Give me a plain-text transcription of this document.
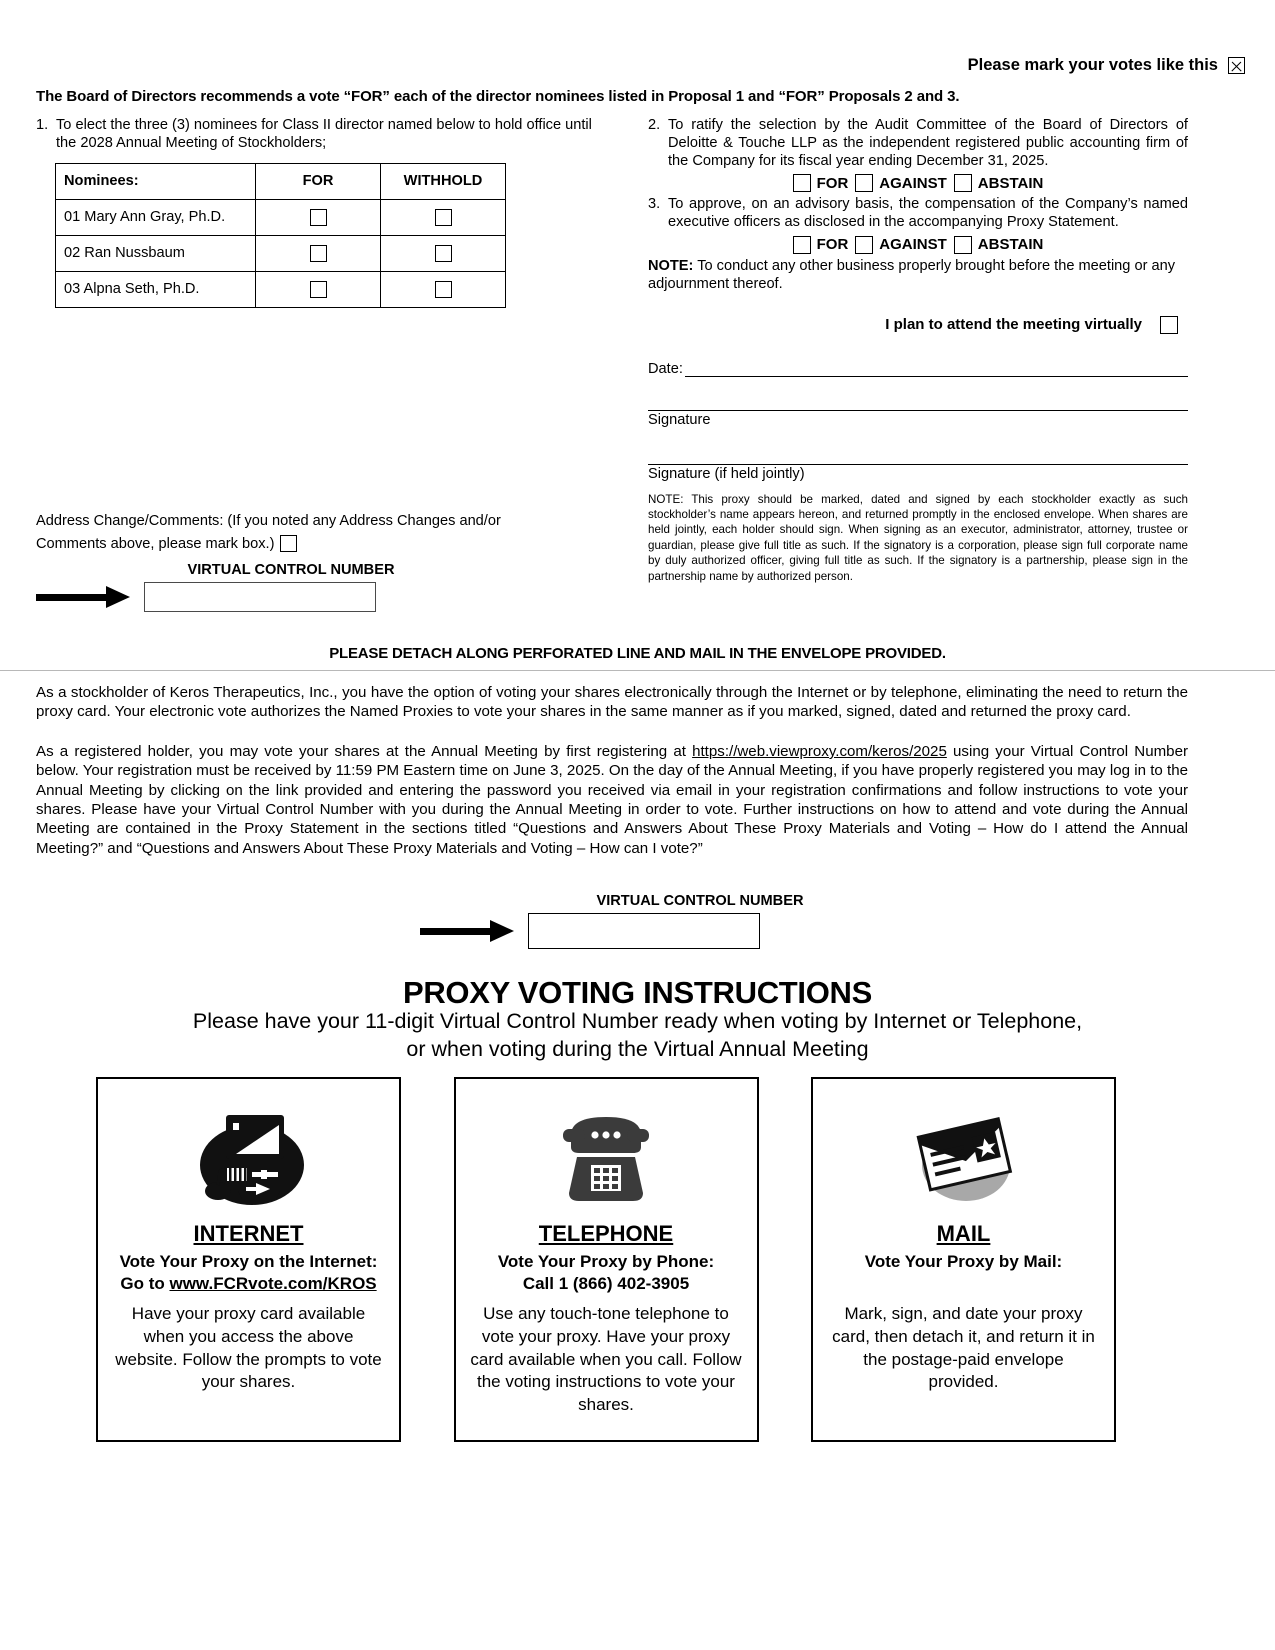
Please mark your votes like this
The Board of Directors recommends a vote “FOR” each of the director nominees listed in Proposal 1 and “FOR” Proposals 2 and 3.
1. To elect the three (3) nominees for Class II director named below to hold office until the 2028 Annual Meeting of Stockholders;
Nominees:	FOR	WITHHOLD
01 Mary Ann Gray, Ph.D.		
02 Ran Nussbaum		
03 Alpna Seth, Ph.D.		
2. To ratify the selection by the Audit Committee of the Board of Directors of Deloitte & Touche LLP as the independent registered public accounting firm of the Company for its fiscal year ending December 31, 2025.
FOR AGAINST ABSTAIN
3. To approve, on an advisory basis, the compensation of the Company’s named executive officers as disclosed in the accompanying Proxy Statement.
FOR AGAINST ABSTAIN
NOTE: To conduct any other business properly brought before the meeting or any adjournment thereof.
I plan to attend the meeting virtually
Date:
Signature
Signature (if held jointly)
NOTE: This proxy should be marked, dated and signed by each stockholder exactly as such stockholder’s name appears hereon, and returned promptly in the enclosed envelope. When shares are held jointly, each holder should sign. When signing as an executor, administrator, attorney, trustee or guardian, please give full title as such. If the signatory is a corporation, please sign full corporate name by duly authorized officer, giving full title as such. If the signatory is a partnership, please sign in the partnership name by authorized person.
Address Change/Comments: (If you noted any Address Changes and/or
Comments above, please mark box.)
VIRTUAL CONTROL NUMBER
PLEASE DETACH ALONG PERFORATED LINE AND MAIL IN THE ENVELOPE PROVIDED.
As a stockholder of Keros Therapeutics, Inc., you have the option of voting your shares electronically through the Internet or by telephone, eliminating the need to return the proxy card. Your electronic vote authorizes the Named Proxies to vote your shares in the same manner as if you marked, signed, dated and returned the proxy card.
As a registered holder, you may vote your shares at the Annual Meeting by first registering at https://web.viewproxy.com/keros/2025 using your Virtual Control Number below. Your registration must be received by 11:59 PM Eastern time on June 3, 2025. On the day of the Annual Meeting, if you have properly registered you may log in to the Annual Meeting by clicking on the link provided and entering the password you received via email in your registration confirmations and follow instructions to vote your shares. Please have your Virtual Control Number with you during the Annual Meeting in order to vote. Further instructions on how to attend and vote during the Annual Meeting are contained in the Proxy Statement in the sections titled “Questions and Answers About These Proxy Materials and Voting – How do I attend the Annual Meeting?” and “Questions and Answers About These Proxy Materials and Voting – How can I vote?”
VIRTUAL CONTROL NUMBER
PROXY VOTING INSTRUCTIONS
Please have your 11-digit Virtual Control Number ready when voting by Internet or Telephone,
or when voting during the Virtual Annual Meeting
INTERNET
Vote Your Proxy on the Internet:
Go to www.FCRvote.com/KROS
Have your proxy card available when you access the above website. Follow the prompts to vote your shares.
TELEPHONE
Vote Your Proxy by Phone:
Call 1 (866) 402-3905
Use any touch-tone telephone to vote your proxy. Have your proxy card available when you call. Follow the voting instructions to vote your shares.
MAIL
Vote Your Proxy by Mail:
Mark, sign, and date your proxy card, then detach it, and return it in the postage-paid envelope provided.
